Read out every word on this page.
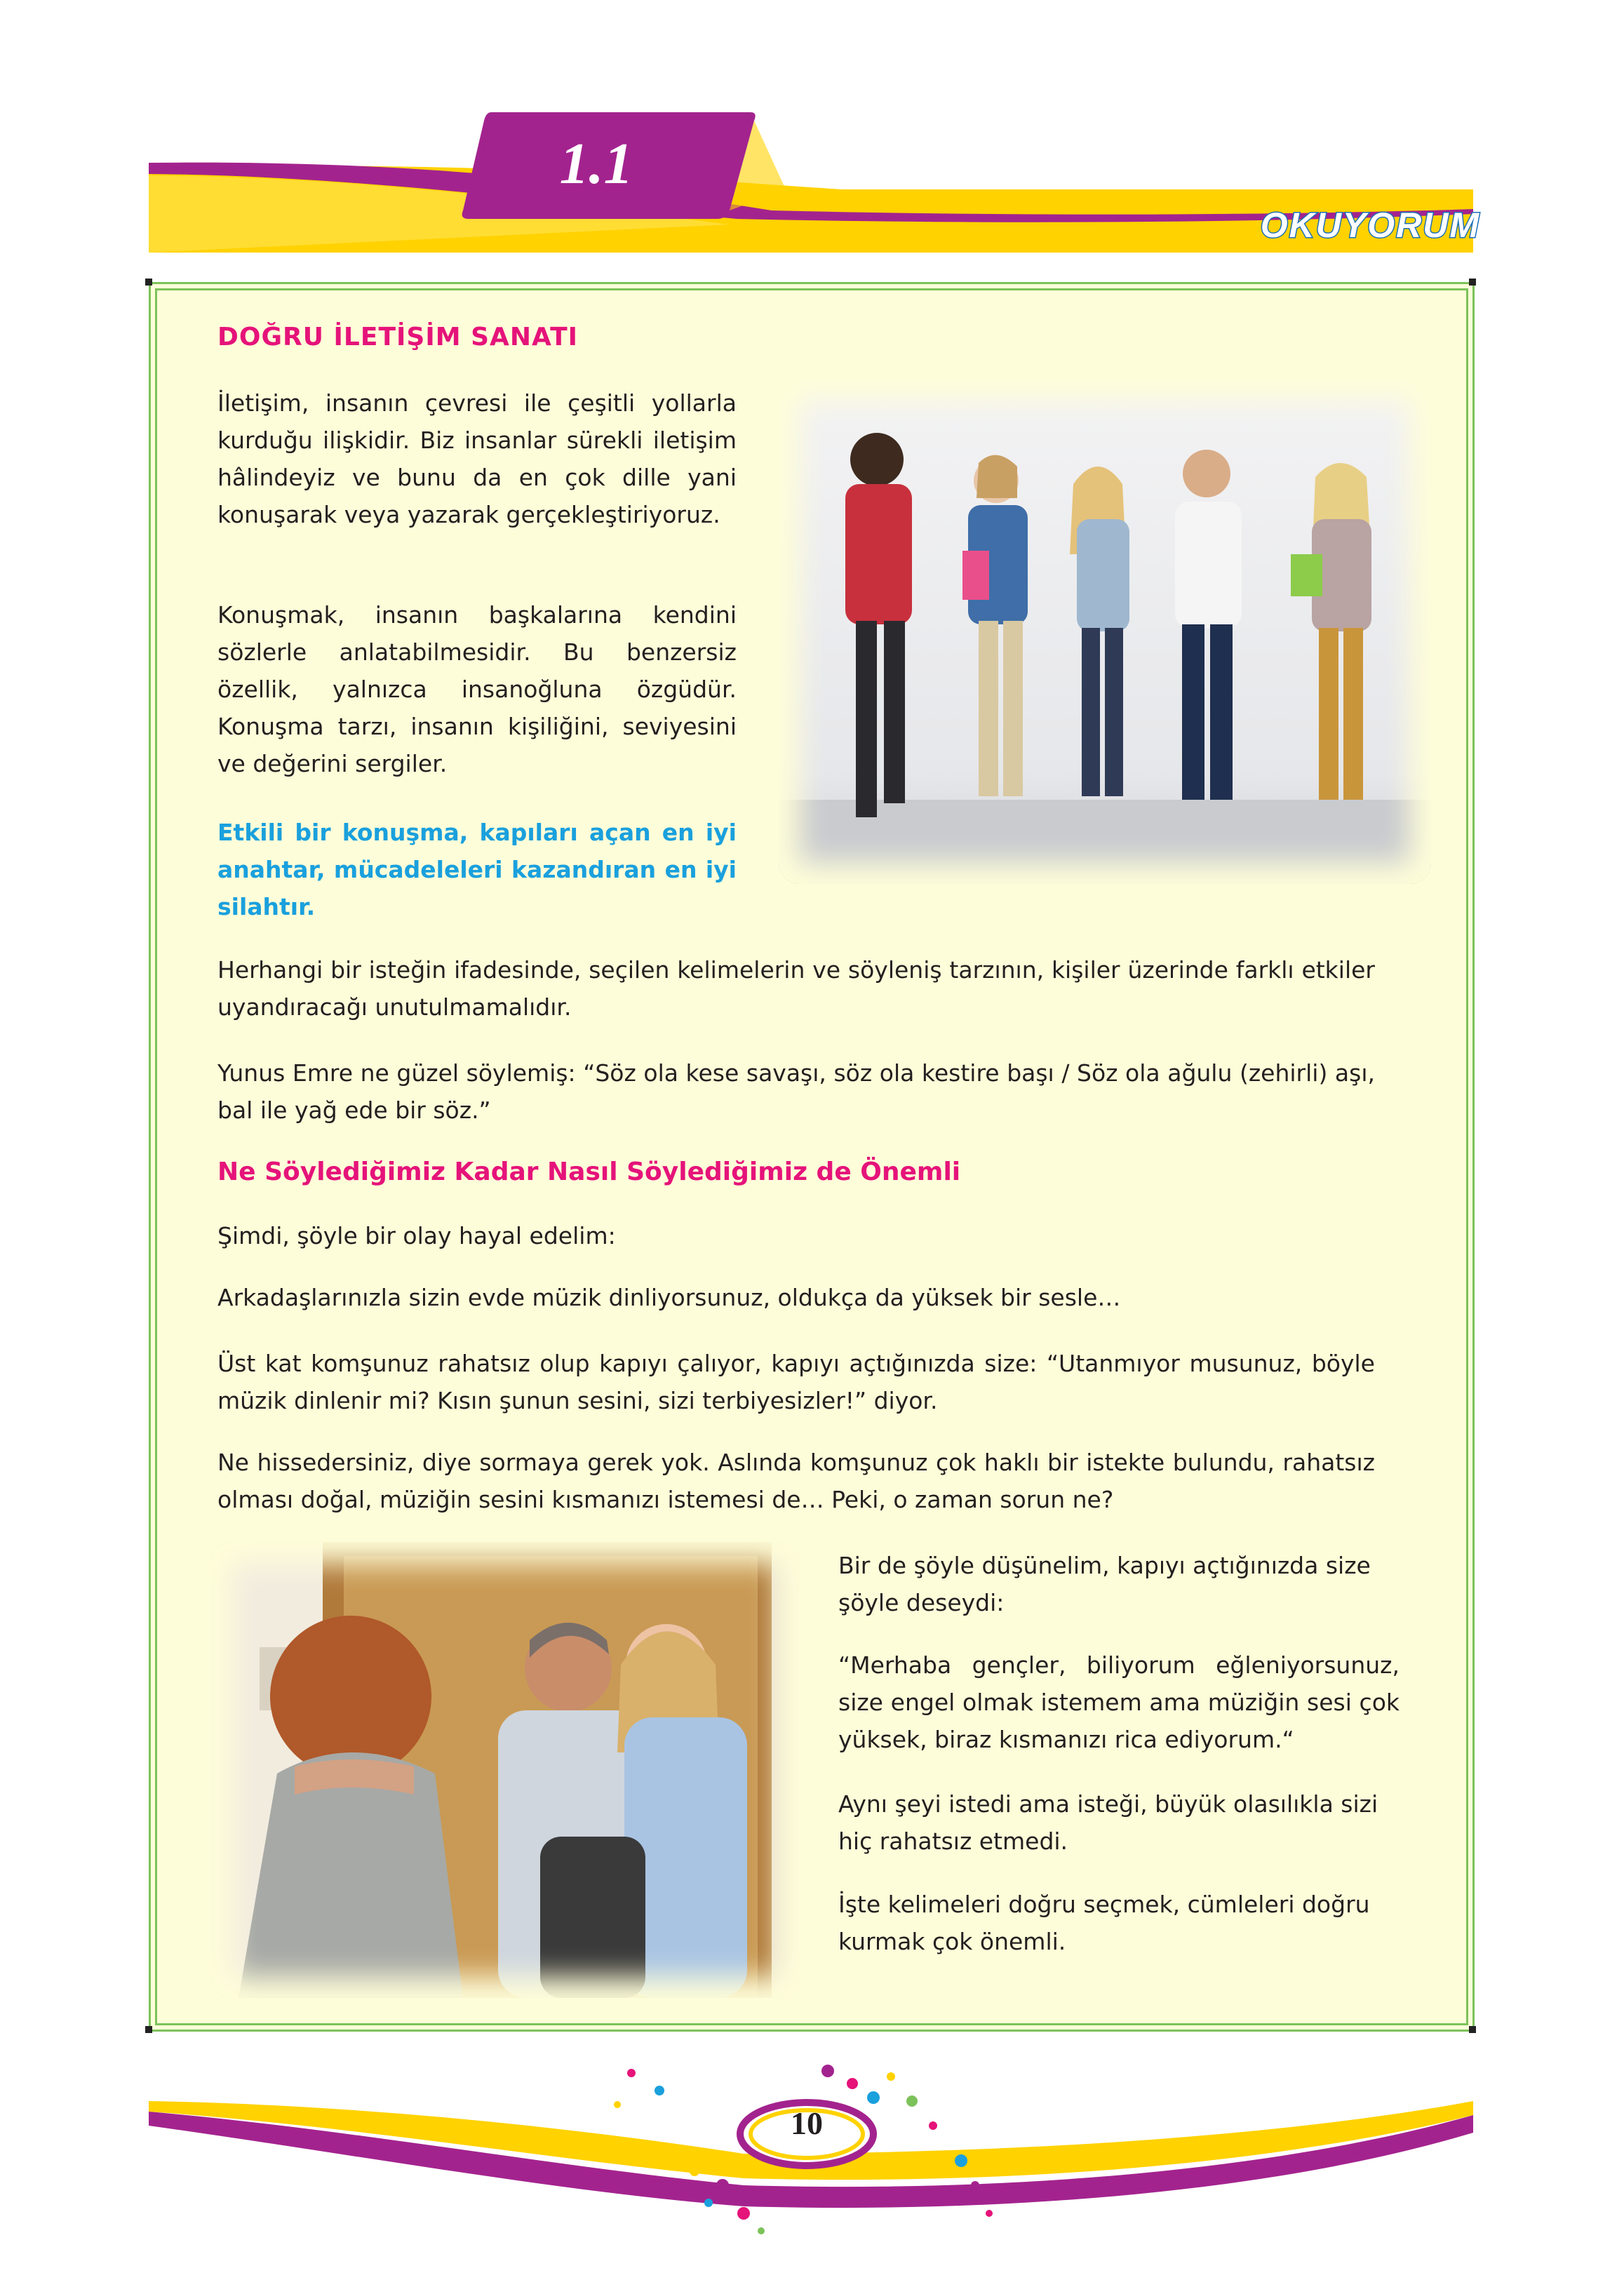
1.1
OKUYORUM
DOĞRU İLETİŞİM SANATI

İletişim, insanın çevresi ile çeşitli yollarla kurduğu ilişkidir. Biz insanlar sürekli iletişim hâlindeyiz ve bunu da en çok dille yani konuşarak veya yazarak gerçekleştiriyoruz.

Konuşmak, insanın başkalarına kendini sözlerle anlatabilmesidir. Bu benzersiz özellik, yalnızca insanoğluna özgüdür. Konuşma tarzı, insanın kişiliğini, seviyesini ve değerini sergiler.

Etkili bir konuşma, kapıları açan en iyi anahtar, mücadeleleri kazandıran en iyi silahtır.

Herhangi bir isteğin ifadesinde, seçilen kelimelerin ve söyleniş tarzının, kişiler üzerinde farklı etkiler uyandıracağı unutulmamalıdır.

Yunus Emre ne güzel söylemiş: “Söz ola kese savaşı, söz ola kestire başı / Söz ola ağulu (zehirli) aşı, bal ile yağ ede bir söz.”

Ne Söylediğimiz Kadar Nasıl Söylediğimiz de Önemli

Şimdi, şöyle bir olay hayal edelim:

Arkadaşlarınızla sizin evde müzik dinliyorsunuz, oldukça da yüksek bir sesle…

Üst kat komşunuz rahatsız olup kapıyı çalıyor, kapıyı açtığınızda size: “Utanmıyor musunuz, böyle müzik dinlenir mi? Kısın şunun sesini, sizi terbiyesizler!” diyor.

Ne hissedersiniz, diye sormaya gerek yok. Aslında komşunuz çok haklı bir istekte bulundu, rahatsız olması doğal, müziğin sesini kısmanızı istemesi de… Peki, o zaman sorun ne?

Bir de şöyle düşünelim, kapıyı açtığınızda size şöyle deseydi:

“Merhaba gençler, biliyorum eğleniyorsunuz, size engel olmak istemem ama müziğin sesi çok yüksek, biraz kısmanızı rica ediyorum.“

Aynı şeyi istedi ama isteği, büyük olasılıkla sizi hiç rahatsız etmedi.

İşte kelimeleri doğru seçmek, cümleleri doğru kurmak çok önemli.

10
